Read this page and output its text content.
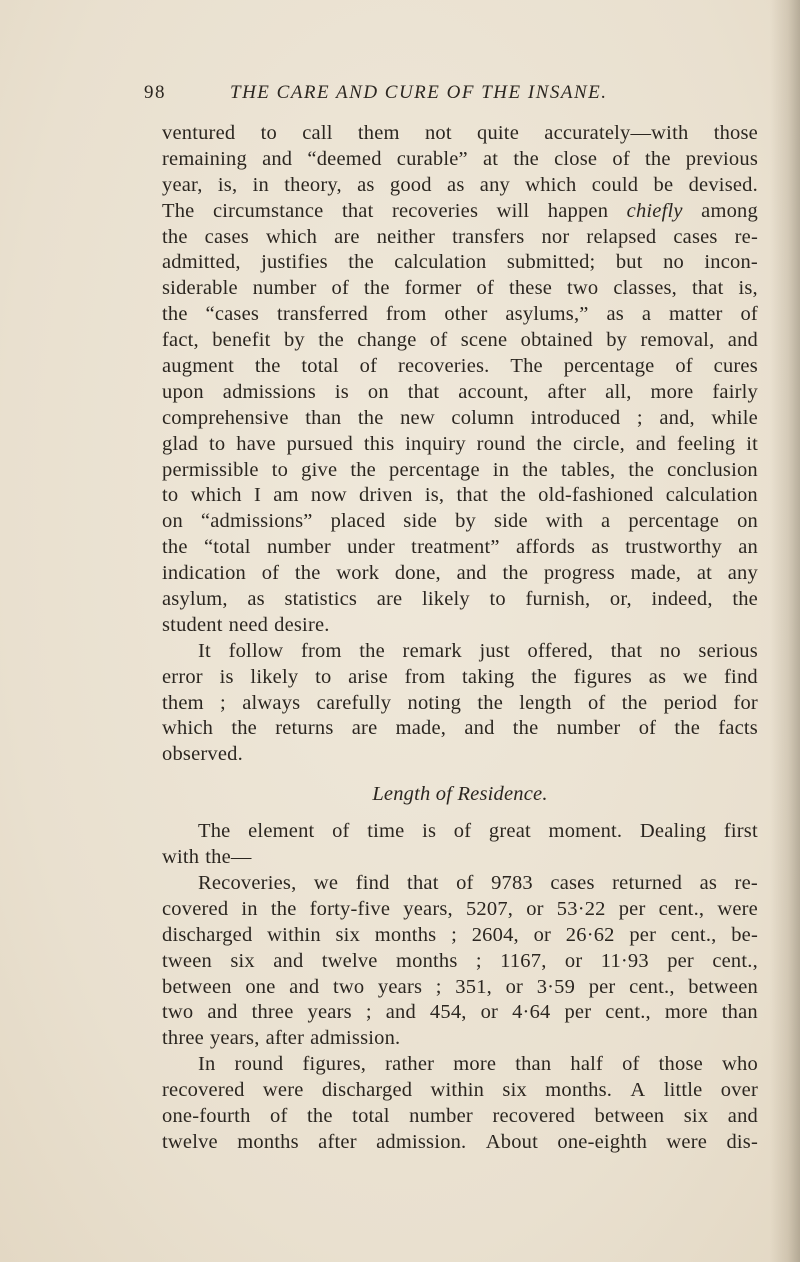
98	THE CARE AND CURE OF THE INSANE.
ventured to call them not quite accurately—with those
remaining and “deemed curable” at the close of the previous
year, is, in theory, as good as any which could be devised.
The circumstance that recoveries will happen chiefly among
the cases which are neither transfers nor relapsed cases re-
admitted, justifies the calculation submitted; but no incon-
siderable number of the former of these two classes, that is,
the “cases transferred from other asylums,” as a matter of
fact, benefit by the change of scene obtained by removal, and
augment the total of recoveries. The percentage of cures
upon admissions is on that account, after all, more fairly
comprehensive than the new column introduced ; and, while
glad to have pursued this inquiry round the circle, and feeling it
permissible to give the percentage in the tables, the conclusion
to which I am now driven is, that the old-fashioned calculation
on “admissions” placed side by side with a percentage on
the “total number under treatment” affords as trustworthy an
indication of the work done, and the progress made, at any
asylum, as statistics are likely to furnish, or, indeed, the
student need desire.
It follow from the remark just offered, that no serious
error is likely to arise from taking the figures as we find
them ; always carefully noting the length of the period for
which the returns are made, and the number of the facts
observed.
Length of Residence.
The element of time is of great moment. Dealing first
with the—
Recoveries, we find that of 9783 cases returned as re-
covered in the forty-five years, 5207, or 53·22 per cent., were
discharged within six months ; 2604, or 26·62 per cent., be-
tween six and twelve months ; 1167, or 11·93 per cent.,
between one and two years ; 351, or 3·59 per cent., between
two and three years ; and 454, or 4·64 per cent., more than
three years, after admission.
In round figures, rather more than half of those who
recovered were discharged within six months. A little over
one-fourth of the total number recovered between six and
twelve months after admission. About one-eighth were dis-
